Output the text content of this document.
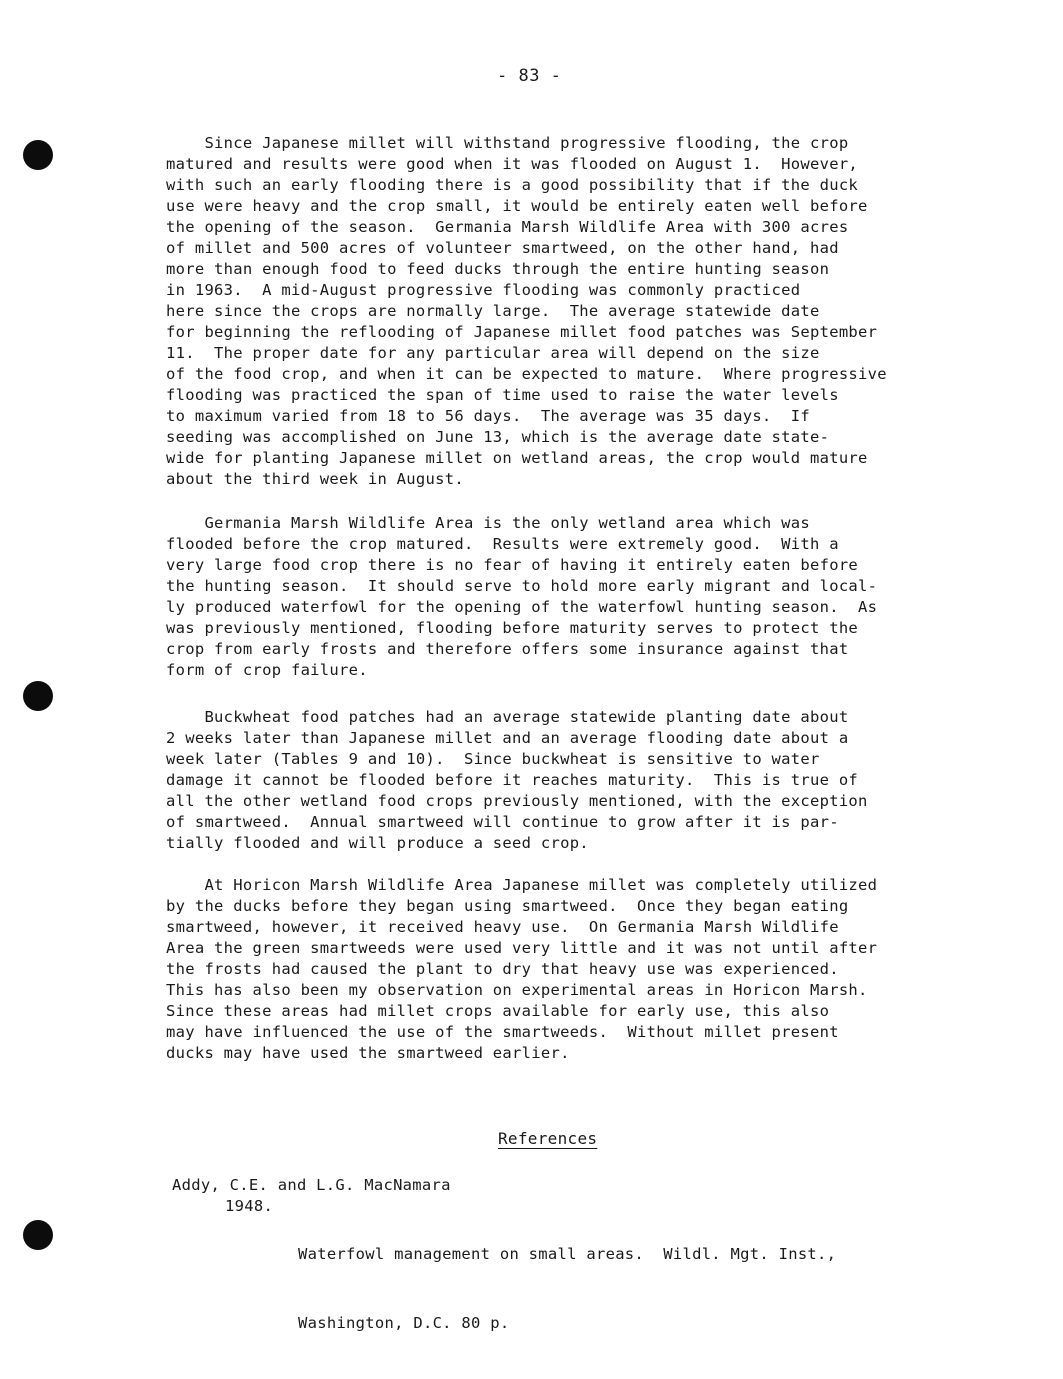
- 83 -
Since Japanese millet will withstand progressive flooding, the crop
matured and results were good when it was flooded on August 1.  However,
with such an early flooding there is a good possibility that if the duck
use were heavy and the crop small, it would be entirely eaten well before
the opening of the season.  Germania Marsh Wildlife Area with 300 acres
of millet and 500 acres of volunteer smartweed, on the other hand, had
more than enough food to feed ducks through the entire hunting season
in 1963.  A mid-August progressive flooding was commonly practiced
here since the crops are normally large.  The average statewide date
for beginning the reflooding of Japanese millet food patches was September
11.  The proper date for any particular area will depend on the size
of the food crop, and when it can be expected to mature.  Where progressive
flooding was practiced the span of time used to raise the water levels
to maximum varied from 18 to 56 days.  The average was 35 days.  If
seeding was accomplished on June 13, which is the average date state-
wide for planting Japanese millet on wetland areas, the crop would mature
about the third week in August.
Germania Marsh Wildlife Area is the only wetland area which was
flooded before the crop matured.  Results were extremely good.  With a
very large food crop there is no fear of having it entirely eaten before
the hunting season.  It should serve to hold more early migrant and local-
ly produced waterfowl for the opening of the waterfowl hunting season.  As
was previously mentioned, flooding before maturity serves to protect the
crop from early frosts and therefore offers some insurance against that
form of crop failure.
Buckwheat food patches had an average statewide planting date about
2 weeks later than Japanese millet and an average flooding date about a
week later (Tables 9 and 10).  Since buckwheat is sensitive to water
damage it cannot be flooded before it reaches maturity.  This is true of
all the other wetland food crops previously mentioned, with the exception
of smartweed.  Annual smartweed will continue to grow after it is par-
tially flooded and will produce a seed crop.
At Horicon Marsh Wildlife Area Japanese millet was completely utilized
by the ducks before they began using smartweed.  Once they began eating
smartweed, however, it received heavy use.  On Germania Marsh Wildlife
Area the green smartweeds were used very little and it was not until after
the frosts had caused the plant to dry that heavy use was experienced.
This has also been my observation on experimental areas in Horicon Marsh.
Since these areas had millet crops available for early use, this also
may have influenced the use of the smartweeds.  Without millet present
ducks may have used the smartweed earlier.
References
Addy, C.E. and L.G. MacNamara
1948.

Waterfowl management on small areas.  Wildl. Mgt. Inst.,

Washington, D.C. 80 p.
